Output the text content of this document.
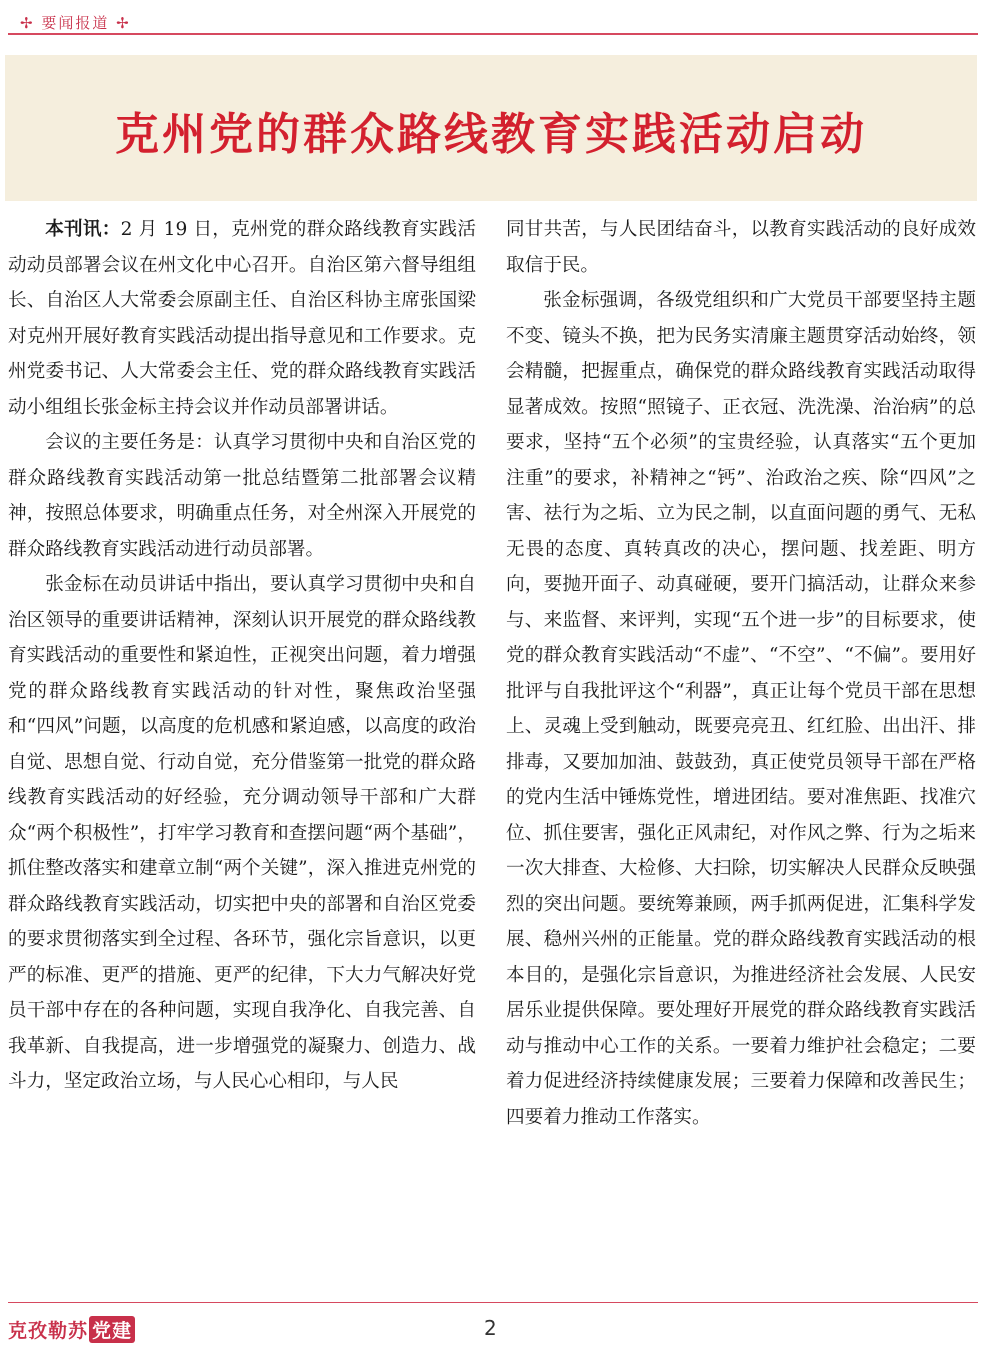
✢ 要闻报道 ✢
克州党的群众路线教育实践活动启动

本刊讯：2 月 19 日，克州党的群众路线教育实践活动动员部署会议在州文化中心召开。自治区第六督导组组长、自治区人大常委会原副主任、自治区科协主席张国梁对克州开展好教育实践活动提出指导意见和工作要求。克州党委书记、人大常委会主任、党的群众路线教育实践活动小组组长张金标主持会议并作动员部署讲话。

会议的主要任务是：认真学习贯彻中央和自治区党的群众路线教育实践活动第一批总结暨第二批部署会议精神，按照总体要求，明确重点任务，对全州深入开展党的群众路线教育实践活动进行动员部署。

张金标在动员讲话中指出，要认真学习贯彻中央和自治区领导的重要讲话精神，深刻认识开展党的群众路线教育实践活动的重要性和紧迫性，正视突出问题，着力增强党的群众路线教育实践活动的针对性，聚焦政治坚强和“四风”问题，以高度的危机感和紧迫感，以高度的政治自觉、思想自觉、行动自觉，充分借鉴第一批党的群众路线教育实践活动的好经验，充分调动领导干部和广大群众“两个积极性”，打牢学习教育和查摆问题“两个基础”，抓住整改落实和建章立制“两个关键”，深入推进克州党的群众路线教育实践活动，切实把中央的部署和自治区党委的要求贯彻落实到全过程、各环节，强化宗旨意识，以更严的标准、更严的措施、更严的纪律，下大力气解决好党员干部中存在的各种问题，实现自我净化、自我完善、自我革新、自我提高，进一步增强党的凝聚力、创造力、战斗力，坚定政治立场，与人民心心相印，与人民

同甘共苦，与人民团结奋斗，以教育实践活动的良好成效取信于民。

张金标强调，各级党组织和广大党员干部要坚持主题不变、镜头不换，把为民务实清廉主题贯穿活动始终，领会精髓，把握重点，确保党的群众路线教育实践活动取得显著成效。按照“照镜子、正衣冠、洗洗澡、治治病”的总要求，坚持“五个必须”的宝贵经验，认真落实“五个更加注重”的要求，补精神之“钙”、治政治之疾、除“四风”之害、祛行为之垢、立为民之制，以直面问题的勇气、无私无畏的态度、真转真改的决心，摆问题、找差距、明方向，要抛开面子、动真碰硬，要开门搞活动，让群众来参与、来监督、来评判，实现“五个进一步”的目标要求，使党的群众教育实践活动“不虚”、“不空”、“不偏”。要用好批评与自我批评这个“利器”，真正让每个党员干部在思想上、灵魂上受到触动，既要亮亮丑、红红脸、出出汗、排排毒，又要加加油、鼓鼓劲，真正使党员领导干部在严格的党内生活中锤炼党性，增进团结。要对准焦距、找准穴位、抓住要害，强化正风肃纪，对作风之弊、行为之垢来一次大排查、大检修、大扫除，切实解决人民群众反映强烈的突出问题。要统筹兼顾，两手抓两促进，汇集科学发展、稳州兴州的正能量。党的群众路线教育实践活动的根本目的，是强化宗旨意识，为推进经济社会发展、人民安居乐业提供保障。要处理好开展党的群众路线教育实践活动与推动中心工作的关系。一要着力维护社会稳定；二要着力促进经济持续健康发展；三要着力保障和改善民生；四要着力推动工作落实。

克孜勒苏 党建	2
